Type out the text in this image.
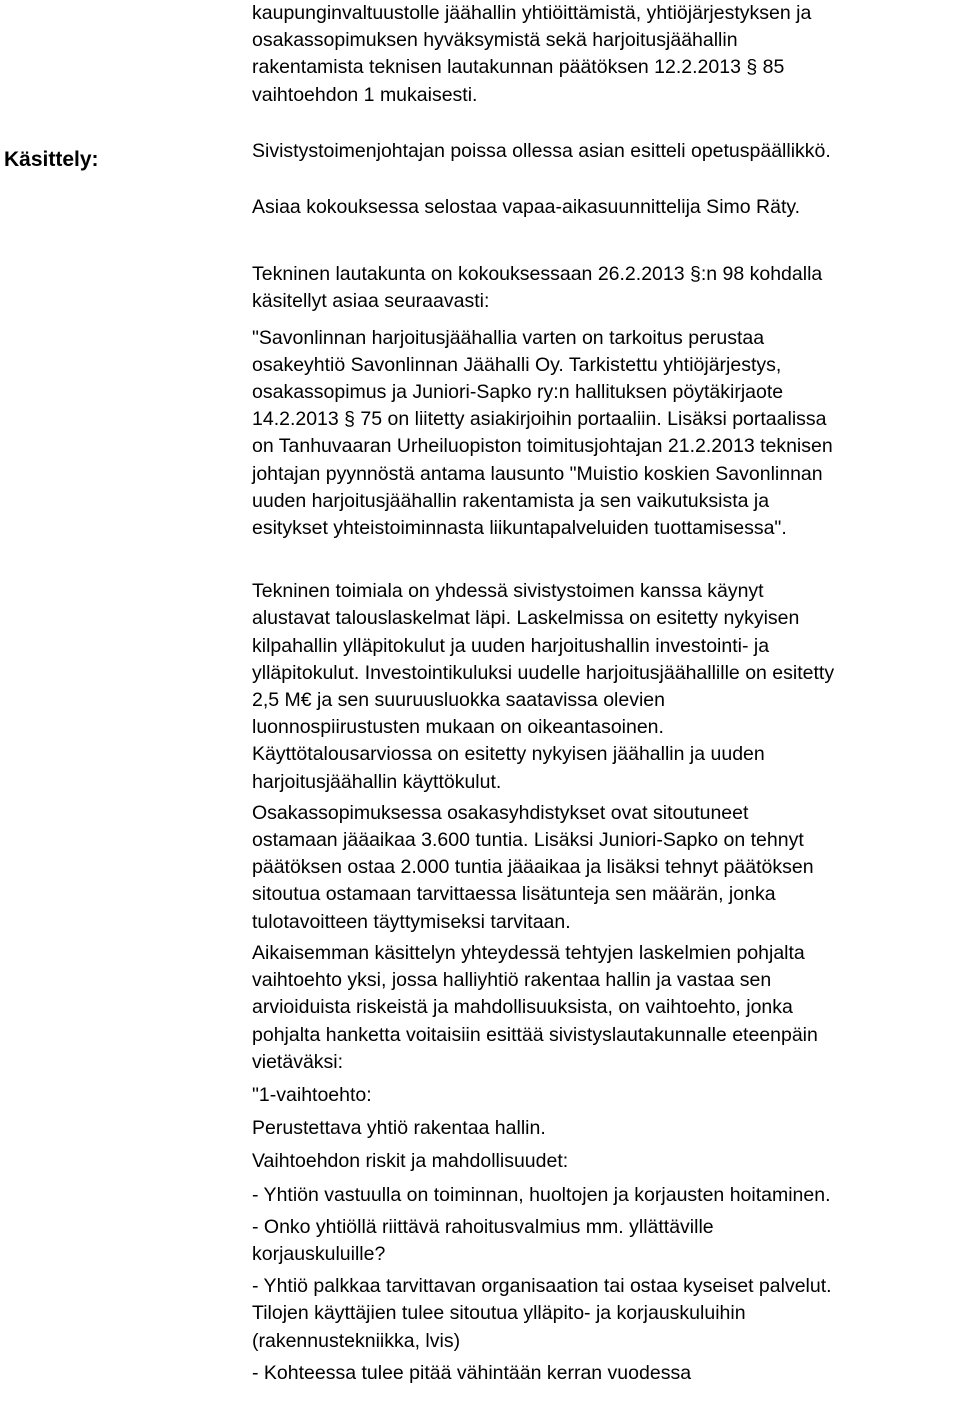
Käsittely:

kaupunginvaltuustolle jäähallin yhtiöittämistä, yhtiöjärjestyksen ja

osakassopimuksen hyväksymistä sekä harjoitusjäähallin

rakentamista teknisen lautakunnan päätöksen 12.2.2013 § 85

vaihtoehdon 1 mukaisesti.

Sivistystoimenjohtajan poissa ollessa asian esitteli opetuspäällikkö.

Asiaa kokouksessa selostaa vapaa-aikasuunnittelija Simo Räty.

Tekninen lautakunta on kokouksessaan 26.2.2013 §:n 98 kohdalla

käsitellyt asiaa seuraavasti:

"Savonlinnan harjoitusjäähallia varten on tarkoitus perustaa

osakeyhtiö Savonlinnan Jäähalli Oy. Tarkistettu yhtiöjärjestys,

osakassopimus ja Juniori-Sapko ry:n hallituksen pöytäkirjaote

14.2.2013 § 75 on liitetty asiakirjoihin portaaliin. Lisäksi portaalissa

on Tanhuvaaran Urheiluopiston toimitusjohtajan 21.2.2013 teknisen

johtajan pyynnöstä antama lausunto "Muistio koskien Savonlinnan

uuden harjoitusjäähallin rakentamista ja sen vaikutuksista ja

esitykset yhteistoiminnasta liikuntapalveluiden tuottamisessa".

Tekninen toimiala on yhdessä sivistystoimen kanssa käynyt

alustavat talouslaskelmat läpi. Laskelmissa on esitetty nykyisen

kilpahallin ylläpitokulut ja uuden harjoitushallin investointi- ja

ylläpitokulut. Investointikuluksi uudelle harjoitusjäähallille on esitetty

2,5 M€ ja sen suuruusluokka saatavissa olevien

luonnospiirustusten mukaan on oikeantasoinen.

Käyttötalousarviossa on esitetty nykyisen jäähallin ja uuden

harjoitusjäähallin käyttökulut.

Osakassopimuksessa osakasyhdistykset ovat sitoutuneet

ostamaan jääaikaa 3.600 tuntia. Lisäksi Juniori-Sapko on tehnyt

päätöksen ostaa 2.000 tuntia jääaikaa ja lisäksi tehnyt päätöksen

sitoutua ostamaan tarvittaessa lisätunteja sen määrän, jonka

tulotavoitteen täyttymiseksi tarvitaan.

Aikaisemman käsittelyn yhteydessä tehtyjen laskelmien pohjalta

vaihtoehto yksi, jossa halliyhtiö rakentaa hallin ja vastaa sen

arvioiduista riskeistä ja mahdollisuuksista, on vaihtoehto, jonka

pohjalta hanketta voitaisiin esittää sivistyslautakunnalle eteenpäin

vietäväksi:

"1-vaihtoehto:

Perustettava yhtiö rakentaa hallin.

Vaihtoehdon riskit ja mahdollisuudet:

- Yhtiön vastuulla on toiminnan, huoltojen ja korjausten hoitaminen.

- Onko yhtiöllä riittävä rahoitusvalmius mm. yllättäville

korjauskuluille?

- Yhtiö palkkaa tarvittavan organisaation tai ostaa kyseiset palvelut.

Tilojen käyttäjien tulee sitoutua ylläpito- ja korjauskuluihin

(rakennustekniikka, lvis)

- Kohteessa tulee pitää vähintään kerran vuodessa
